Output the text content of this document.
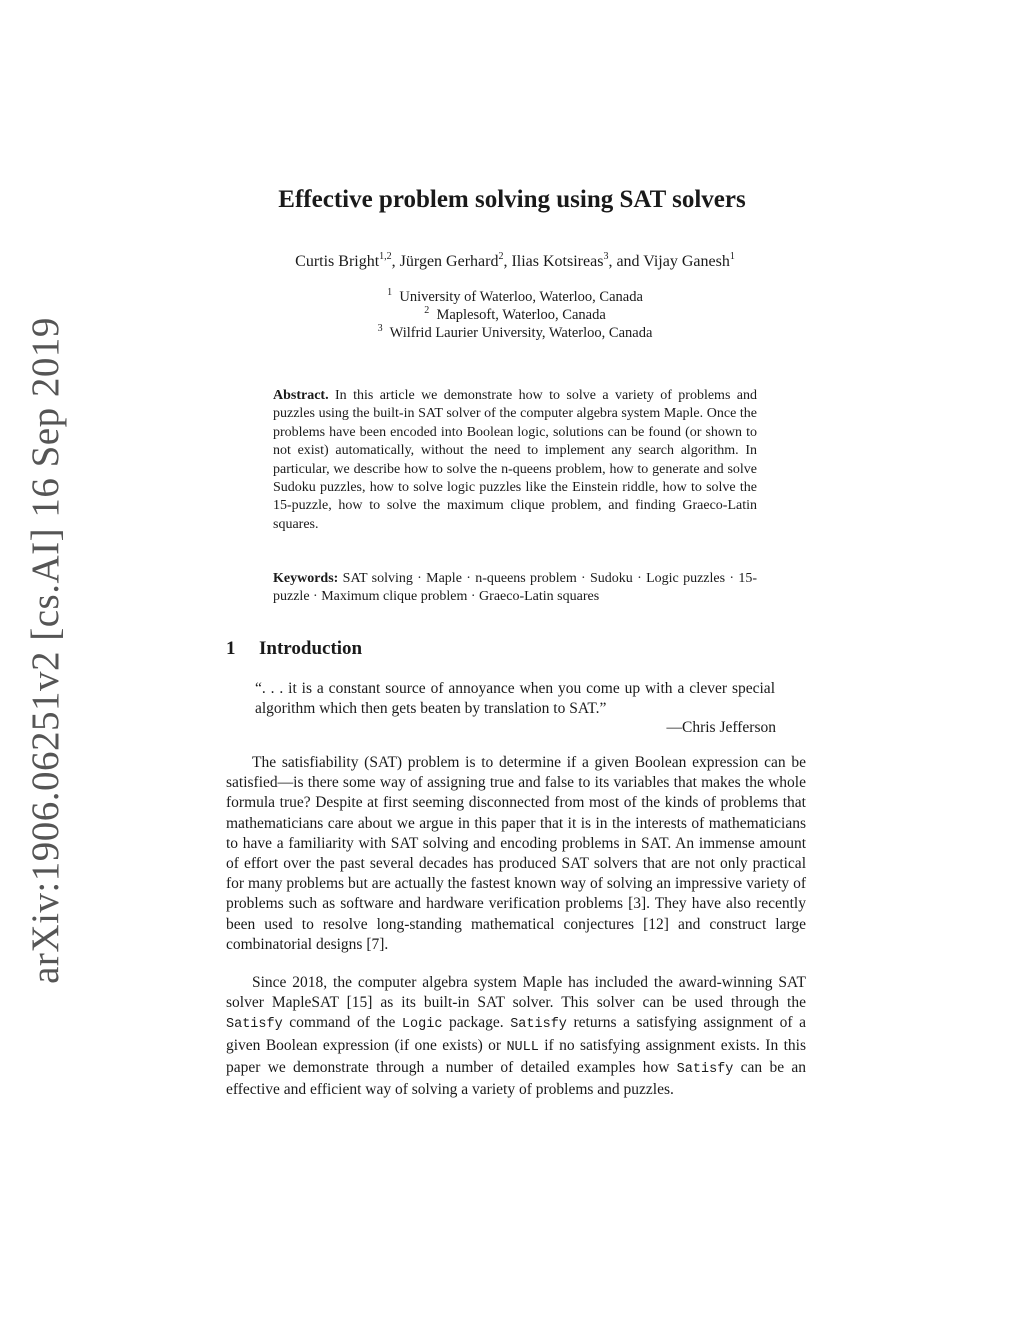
arXiv:1906.06251v2 [cs.AI] 16 Sep 2019
Effective problem solving using SAT solvers
Curtis Bright$^{1,2}$, Jürgen Gerhard$^2$, Ilias Kotsireas$^3$, and Vijay Ganesh$^1$
$^1$ University of Waterloo, Waterloo, Canada
$^2$ Maplesoft, Waterloo, Canada
$^3$ Wilfrid Laurier University, Waterloo, Canada
Abstract. In this article we demonstrate how to solve a variety of problems and puzzles using the built-in SAT solver of the computer algebra system Maple. Once the problems have been encoded into Boolean logic, solutions can be found (or shown to not exist) automatically, without the need to implement any search algorithm. In particular, we describe how to solve the n-queens problem, how to generate and solve Sudoku puzzles, how to solve logic puzzles like the Einstein riddle, how to solve the 15-puzzle, how to solve the maximum clique problem, and finding Graeco-Latin squares.
Keywords: SAT solving · Maple · n-queens problem · Sudoku · Logic puzzles · 15-puzzle · Maximum clique problem · Graeco-Latin squares
1 Introduction
“. . . it is a constant source of annoyance when you come up with a clever special algorithm which then gets beaten by translation to SAT.”
—Chris Jefferson
The satisfiability (SAT) problem is to determine if a given Boolean expression can be satisfied—is there some way of assigning true and false to its variables that makes the whole formula true? Despite at first seeming disconnected from most of the kinds of problems that mathematicians care about we argue in this paper that it is in the interests of mathematicians to have a familiarity with SAT solving and encoding problems in SAT. An immense amount of effort over the past several decades has produced SAT solvers that are not only practical for many problems but are actually the fastest known way of solving an impressive variety of problems such as software and hardware verification problems [3]. They have also recently been used to resolve long-standing mathematical conjectures [12] and construct large combinatorial designs [7].
Since 2018, the computer algebra system Maple has included the award-winning SAT solver MapleSAT [15] as its built-in SAT solver. This solver can be used through the Satisfy command of the Logic package. Satisfy returns a satisfying assignment of a given Boolean expression (if one exists) or NULL if no satisfying assignment exists. In this paper we demonstrate through a number of detailed examples how Satisfy can be an effective and efficient way of solving a variety of problems and puzzles.
